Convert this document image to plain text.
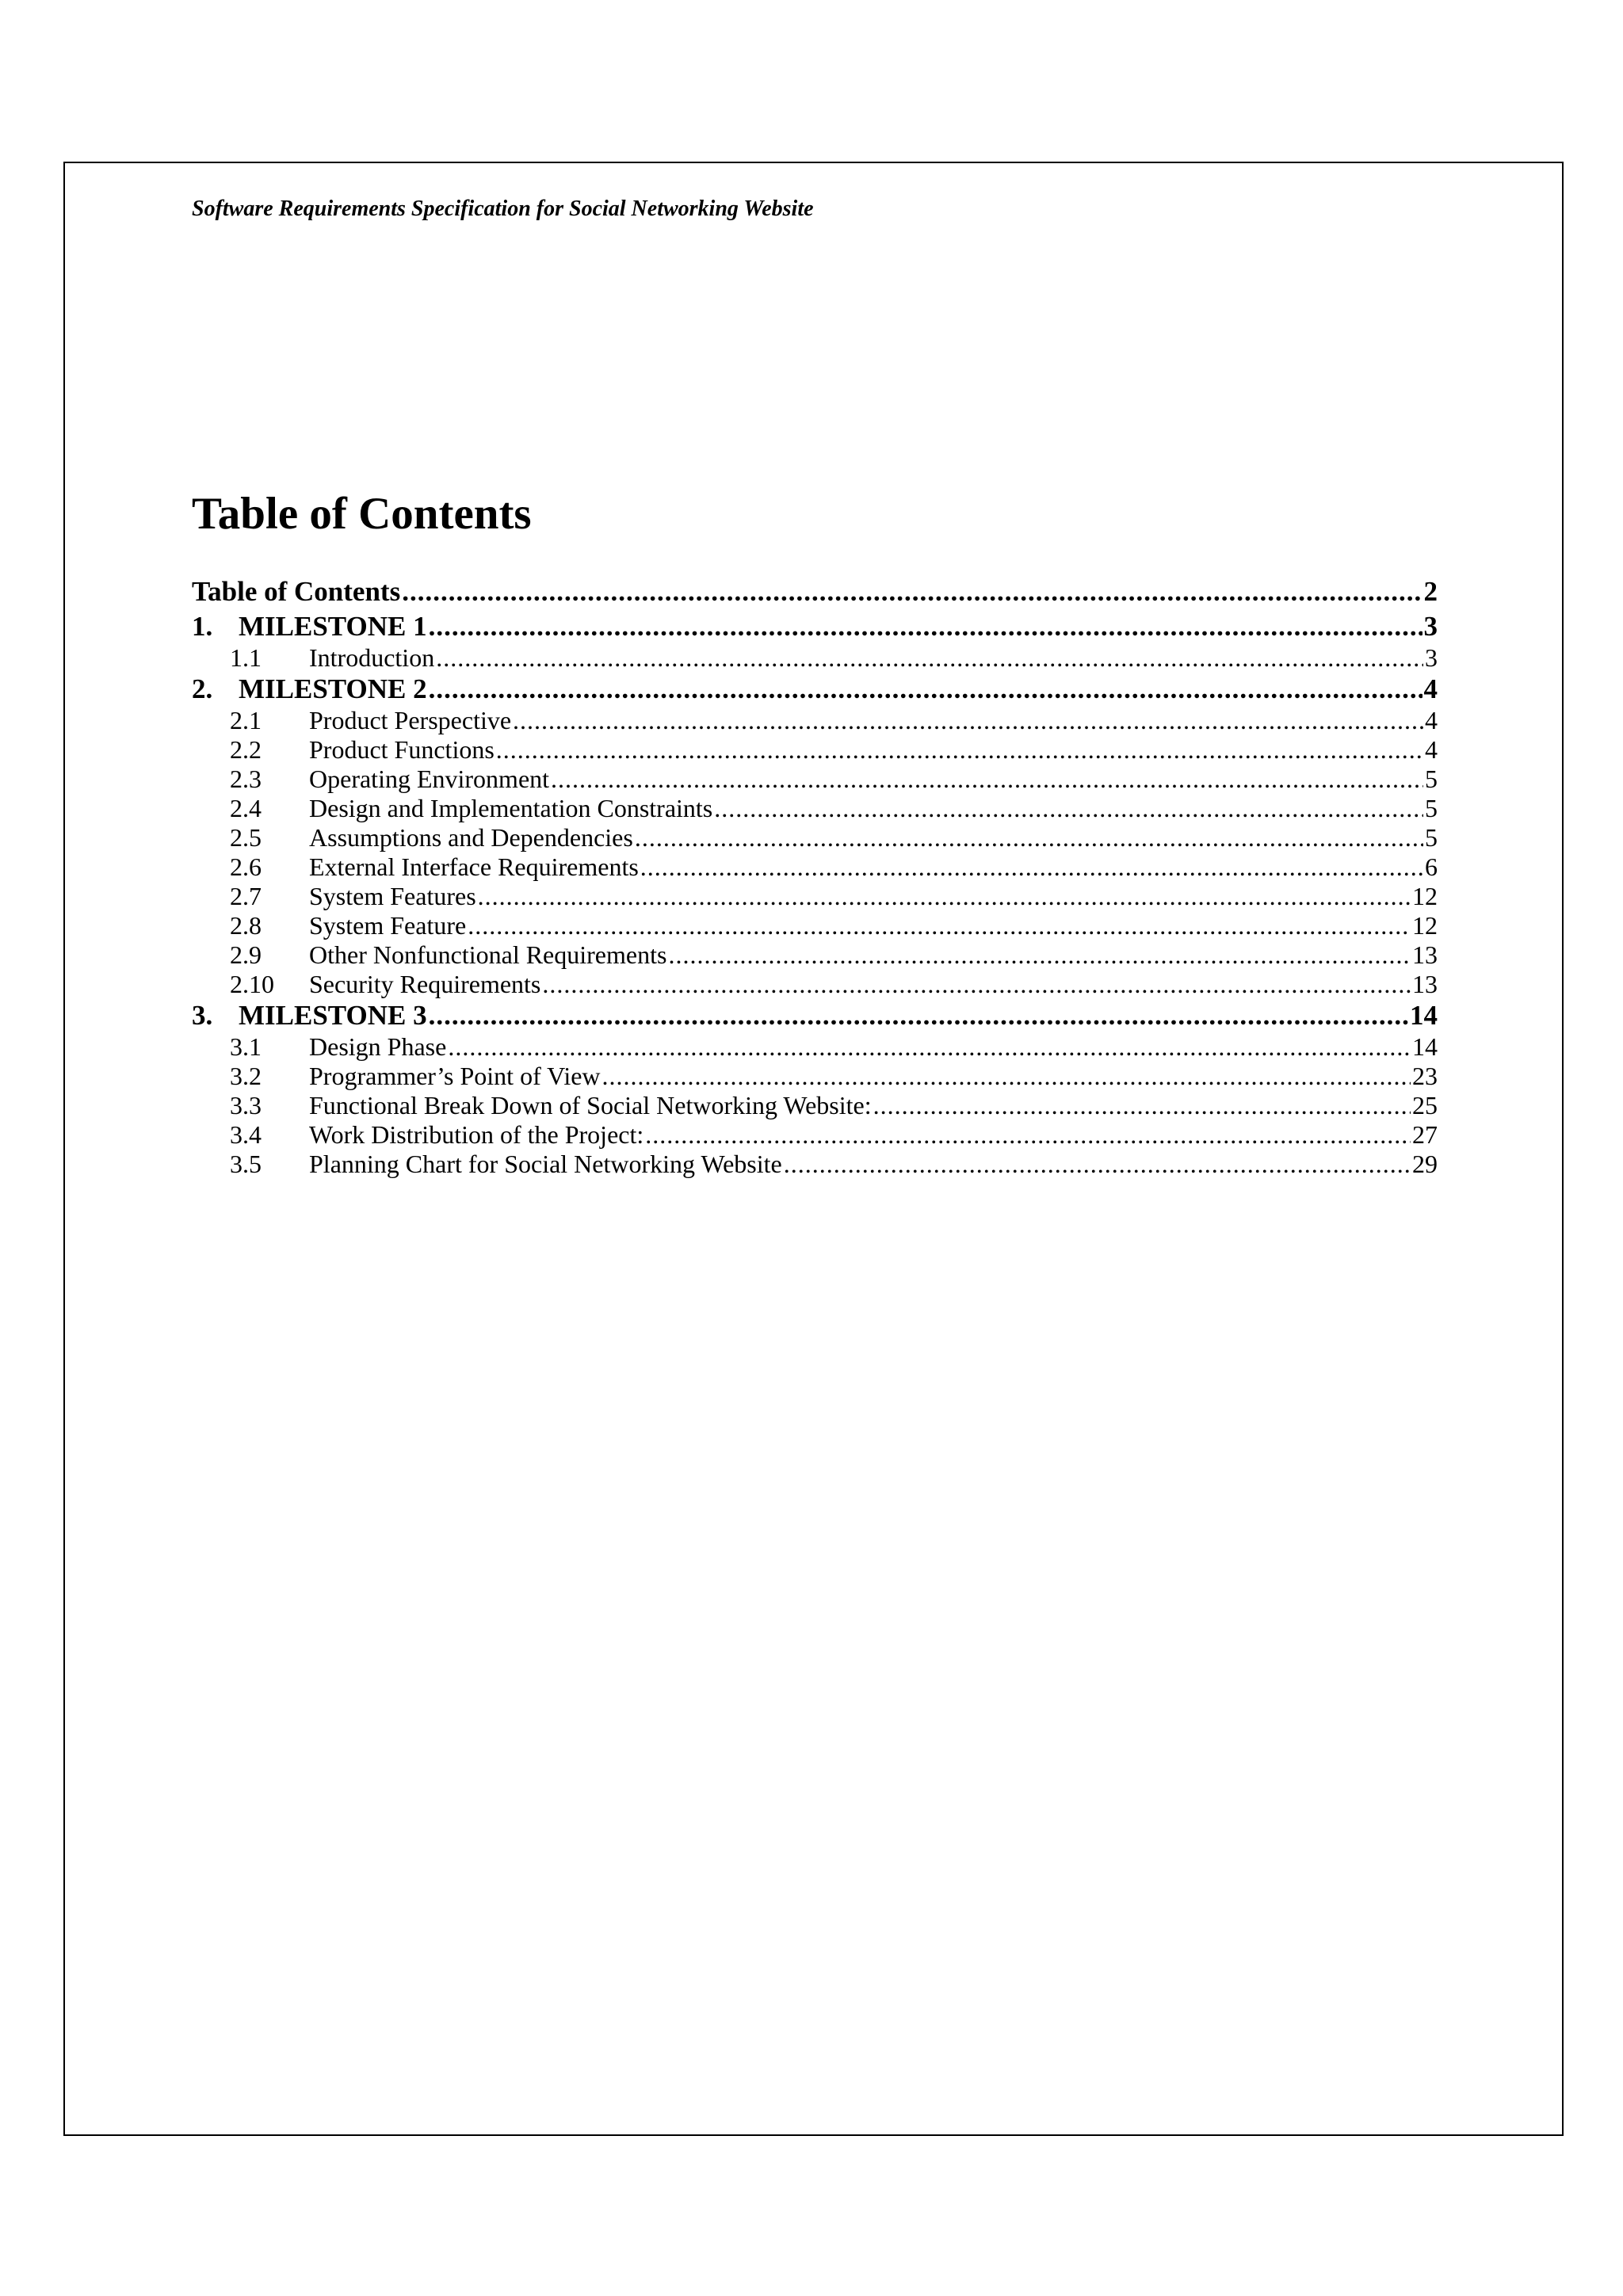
Software Requirements Specification for Social Networking Website
Table of Contents
Table of Contents .....	2
1. MILESTONE 1 .....	3
1.1	Introduction .....	3
2. MILESTONE 2 .....	4
2.1	Product Perspective .....	4
2.2	Product Functions .....	4
2.3	Operating Environment .....	5
2.4	Design and Implementation Constraints .....	5
2.5	Assumptions and Dependencies .....	5
2.6	External Interface Requirements .....	6
2.7	System Features .....	12
2.8	System Feature .....	12
2.9	Other Nonfunctional Requirements .....	13
2.10	Security Requirements .....	13
3. MILESTONE 3 .....	14
3.1	Design Phase .....	14
3.2	Programmer’s Point of View .....	23
3.3	Functional Break Down of Social Networking Website: .....	25
3.4	Work Distribution of the Project: .....	27
3.5	Planning Chart for Social Networking Website .....	29
